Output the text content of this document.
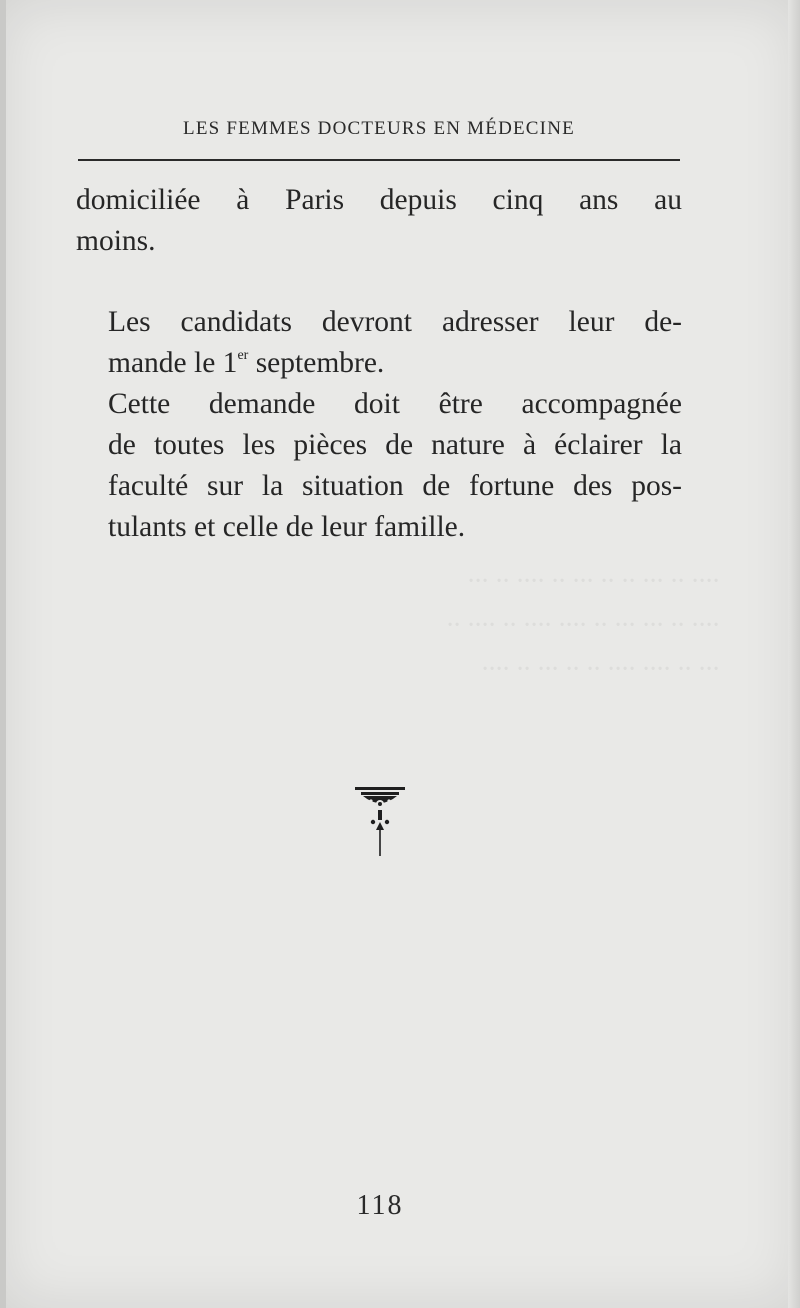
LES FEMMES DOCTEURS EN MÉDECINE
domiciliée à Paris depuis cinq ans au
moins.
Les candidats devront adresser leur de-
mande le 1er septembre.
Cette demande doit être accompagnée
de toutes les pièces de nature à éclairer la
faculté sur la situation de fortune des pos-
tulants et celle de leur famille.
···· ·· ··· ·· ·· ··· ·· ···· ·· ···
···· ·· ··· ··· ·· ···· ···· ·· ···· ··
··· ·· ···· ···· ·· ·· ··· ·· ····
118
